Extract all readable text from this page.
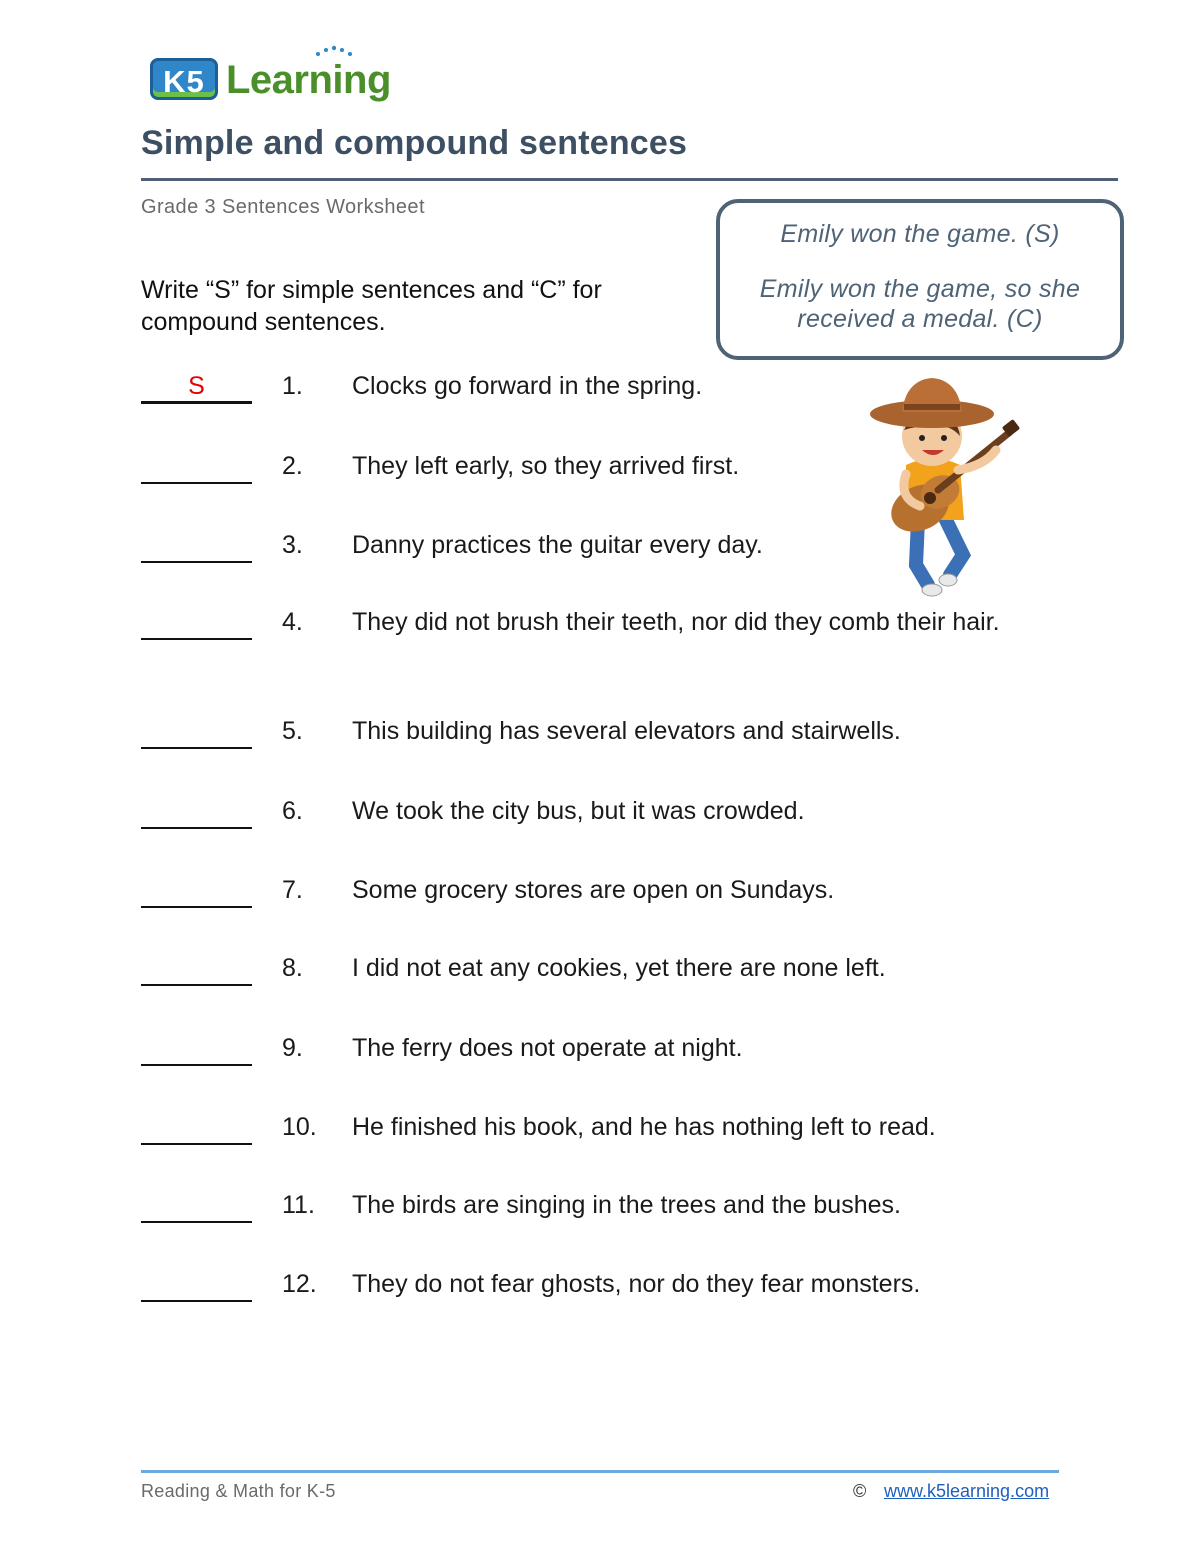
K5 Learning
Simple and compound sentences
Grade 3 Sentences Worksheet
Write “S” for simple sentences and “C” for compound sentences.
Emily won the game. (S)
Emily won the game, so she received a medal. (C)
S	1. Clocks go forward in the spring.
2. They left early, so they arrived first.
3. Danny practices the guitar every day.
4. They did not brush their teeth, nor did they comb their hair.
5. This building has several elevators and stairwells.
6. We took the city bus, but it was crowded.
7. Some grocery stores are open on Sundays.
8. I did not eat any cookies, yet there are none left.
9. The ferry does not operate at night.
10. He finished his book, and he has nothing left to read.
11. The birds are singing in the trees and the bushes.
12. They do not fear ghosts, nor do they fear monsters.
Reading & Math for K-5	© www.k5learning.com
